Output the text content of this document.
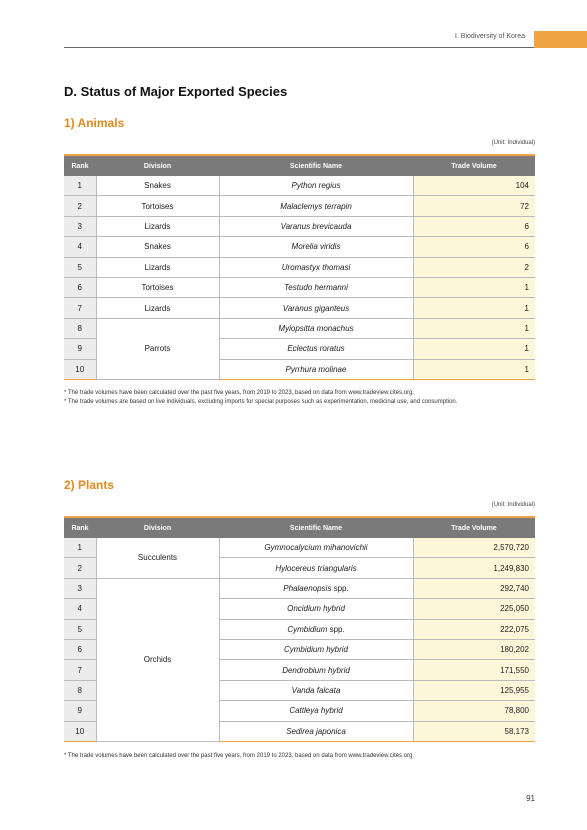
Ⅰ. Biodiversity of Korea
D. Status of Major Exported Species
1) Animals
(Unit: Individual)
Rank	Division	Scientific Name	Trade Volume
1	Snakes	Python regius	104
2	Tortoises	Malaclemys terrapin	72
3	Lizards	Varanus brevicauda	6
4	Snakes	Morelia viridis	6
5	Lizards	Uromastyx thomasi	2
6	Tortoises	Testudo hermanni	1
7	Lizards	Varanus giganteus	1
8	Parrots	Myiopsitta monachus	1
9		Eclectus roratus	1
10		Pyrrhura molinae	1
* The trade volumes have been calculated over the past five years, from 2019 to 2023, based on data from www.tradeview.cites.org.
* The trade volumes are based on live individuals, excluding imports for special purposes such as experimentation, medicinal use, and consumption.
2) Plants
(Unit: Individual)
Rank	Division	Scientific Name	Trade Volume
1	Succulents	Gymnocalycium mihanovichii	2,570,720
2		Hylocereus triangularis	1,249,830
3	Orchids	Phalaenopsis spp.	292,740
4		Oncidium hybrid	225,050
5		Cymbidium spp.	222,075
6		Cymbidium hybrid	180,202
7		Dendrobium hybrid	171,550
8		Vanda falcata	125,955
9		Cattleya hybrid	78,800
10		Sedirea japonica	58,173
* The trade volumes have been calculated over the past five years, from 2019 to 2023, based on data from www.tradeview.cites.org
91
